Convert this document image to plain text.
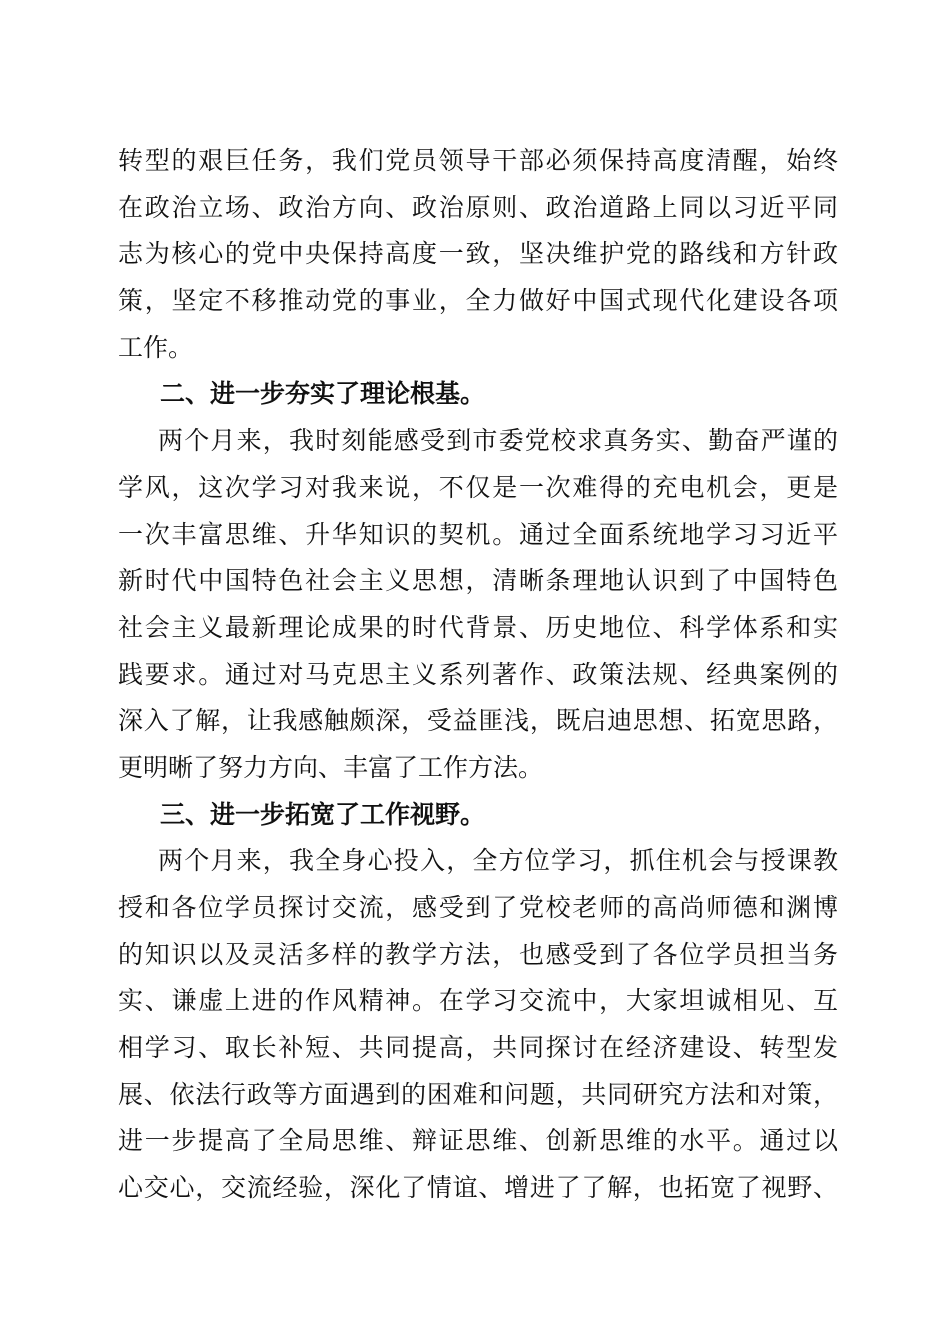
转型的艰巨任务，我们党员领导干部必须保持高度清醒，始终
在政治立场、政治方向、政治原则、政治道路上同以习近平同
志为核心的党中央保持高度一致，坚决维护党的路线和方针政
策，坚定不移推动党的事业，全力做好中国式现代化建设各项
工作。
二、进一步夯实了理论根基。
两个月来，我时刻能感受到市委党校求真务实、勤奋严谨的
学风，这次学习对我来说，不仅是一次难得的充电机会，更是
一次丰富思维、升华知识的契机。通过全面系统地学习习近平
新时代中国特色社会主义思想，清晰条理地认识到了中国特色
社会主义最新理论成果的时代背景、历史地位、科学体系和实
践要求。通过对马克思主义系列著作、政策法规、经典案例的
深入了解，让我感触颇深，受益匪浅，既启迪思想、拓宽思路，
更明晰了努力方向、丰富了工作方法。
三、进一步拓宽了工作视野。
两个月来，我全身心投入，全方位学习，抓住机会与授课教
授和各位学员探讨交流，感受到了党校老师的高尚师德和渊博
的知识以及灵活多样的教学方法，也感受到了各位学员担当务
实、谦虚上进的作风精神。在学习交流中，大家坦诚相见、互
相学习、取长补短、共同提高，共同探讨在经济建设、转型发
展、依法行政等方面遇到的困难和问题，共同研究方法和对策，
进一步提高了全局思维、辩证思维、创新思维的水平。通过以
心交心，交流经验，深化了情谊、增进了了解，也拓宽了视野、
